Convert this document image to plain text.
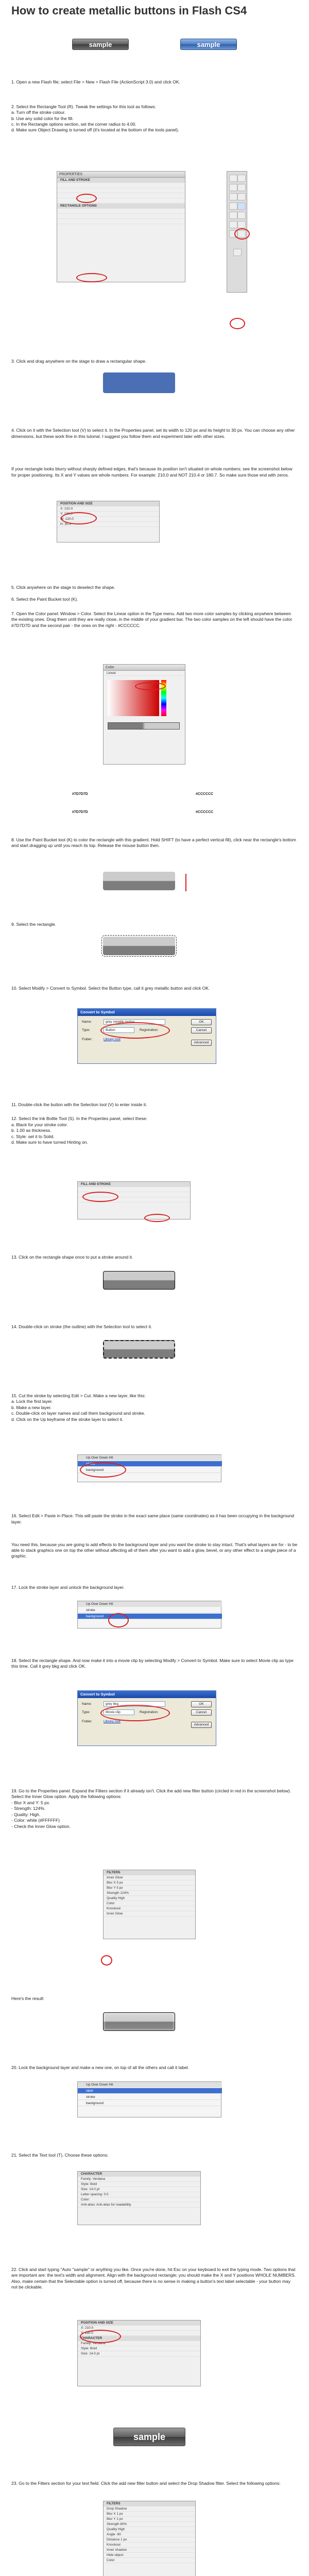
How to create metallic buttons in Flash CS4
sample	sample
1. Open a new Flash file; select File > New > Flash File (ActionScript 3.0) and click OK.
2. Select the Rectangle Tool (R). Tweak the settings for this tool as follows:
a. Turn off the stroke colour.
b. Use any solid color for the fill.
c. In the Rectangle options section, set the corner radius to 4.00.
d. Make sure Object Drawing is turned off (it's located at the bottom of the tools panel).
PROPERTIES
FILL AND STROKE
RECTANGLE OPTIONS
3. Click and drag anywhere on the stage to draw a rectangular shape.
4. Click on it with the Selection tool (V) to select it. In the Properties panel, set its width to 120 px and its height to 30 px. You can choose any other dimensions, but these work fine in this tutorial. I suggest you follow them and experiment later with other sizes.
If your rectangle looks blurry without sharply defined edges, that's because its position isn't situated on whole numbers; see the screenshot below for proper positioning. Its X and Y values are whole numbers. For example: 210.0 and NOT 210.4 or 180.7. So make sure those end with zeros.
POSITION AND SIZE
X: 210.0
Y: 180.0
W: 120.0
H: 30.0
5. Click anywhere on the stage to deselect the shape.
6. Select the Paint Bucket tool (K).
7. Open the Color panel: Window > Color. Select the Linear option in the Type menu. Add two more color samples by clicking anywhere between the existing ones. Drag them until they are really close, in the middle of your gradient bar. The two color samples on the left should have the color #7D7D7D and the second pair - the ones on the right - #CCCCCC.
Color
Linear
#7D7D7D
#7D7D7D
#CCCCCC
#CCCCCC
8. Use the Paint Bucket tool (K) to color the rectangle with this gradient. Hold SHIFT (to have a perfect vertical fill), click near the rectangle's bottom and start dragging up until you reach its top. Release the mouse button then.
9. Select the rectangle.
10. Select Modify > Convert to Symbol. Select the Button type, call it grey metallic button and click OK.
Convert to Symbol
Name:	grey metallic button
Type:	Button	Registration:
Folder:	Library root
OK
Cancel
Advanced
11. Double-click the button with the Selection tool (V) to enter inside it.
12. Select the Ink Bottle Tool (S). In the Properties panel, select these:
a. Black for your stroke color.
b. 1.00 as thickness.
c. Style: set it to Solid.
d. Make sure to have turned Hinting on.
FILL AND STROKE
13. Click on the rectangle shape once to put a stroke around it.
14. Double-click on stroke (the outline) with the Selection tool to select it.
15. Cut the stroke by selecting Edit > Cut. Make a new layer, like this:
a. Lock the first layer.
b. Make a new layer.
c. Double-click on layer names and call them background and stroke.
d. Click on the Up keyframe of the stroke layer to select it.
Up Over Down Hit
stroke
background
16. Select Edit > Paste in Place. This will paste the stroke in the exact same place (same coordinates) as it has been occupying in the background layer.
You need this, because you are going to add effects to the background layer and you want the stroke to stay intact. That's what layers are for - to be able to stack graphics one on top the other without affecting all of them after you want to add a glow, bevel, or any other effect to a single piece of a graphic.
17. Lock the stroke layer and unlock the background layer.
Up Over Down Hit
stroke
background
18. Select the rectangle shape. And now make it into a movie clip by selecting Modify > Convert to Symbol. Make sure to select Movie clip as type this time. Call it grey bkg and click OK.
Convert to Symbol
Name:	grey bkg
Type:	Movie clip	Registration:
Folder:	Library root
OK
Cancel
Advanced
19. Go to the Properties panel. Expand the Filters section if it already isn't. Click the add new filter button (circled in red in the screenshot below). Select the Inner Glow option. Apply the following options:
- Blur X and Y: 5 px.
- Strength: 124%.
- Quality: High.
- Color: white (#FFFFFF)
- Check the Inner Glow option.
FILTERS
Inner Glow
Blur X 5 px
Blur Y 5 px
Strength 124%
Quality High
Color
Knockout
Inner Glow
Here's the result:
20. Lock the background layer and make a new one, on top of all the others and call it label.
Up Over Down Hit
label
stroke
background
21. Select the Text tool (T). Choose these options:
CHARACTER
Family: Verdana
Style: Bold
Size: 14.0 pt
Letter spacing: 0.0
Color:
Anti-alias: Anti-alias for readability
22. Click and start typing "Auto "sample" or anything you like. Once you're done, hit Esc on your keyboard to exit the typing mode. Two options that are important are: the text's width and alignment. Align with the background rectangle; you should make the X and Y positions WHOLE NUMBERS. Also, make certain that the Selectable option is turned off, because there is no sense in making a button's text label selectable - your button may not be clickable.
POSITION AND SIZE
X: 210.0
Y: 180.0
CHARACTER
Family: Verdana
Style: Bold
Size: 14.0 pt
sample
23. Go to the Filters section for your text field. Click the add new filter button and select the Drop Shadow filter. Select the following options:
FILTERS
Drop Shadow
Blur X 1 px
Blur Y 1 px
Strength 80%
Quality High
Angle -90
Distance 1 px
Knockout
Inner shadow
Hide object
Color
